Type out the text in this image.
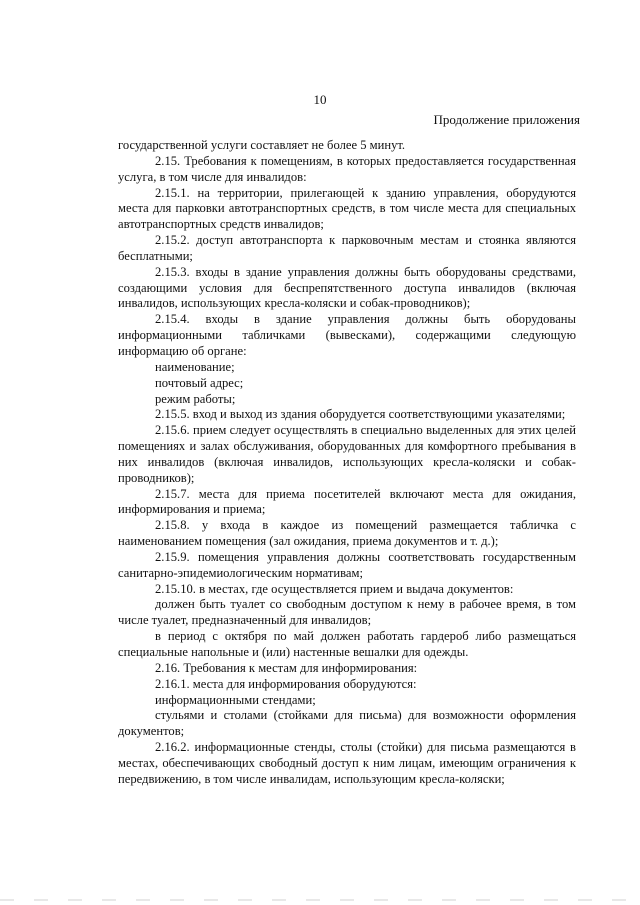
10
Продолжение приложения

государственной услуги составляет не более 5 минут.

2.15. Требования к помещениям, в которых предоставляется государственная услуга, в том числе для инвалидов:

2.15.1. на территории, прилегающей к зданию управления, оборудуются места для парковки автотранспортных средств, в том числе места для специальных автотранспортных средств инвалидов;

2.15.2. доступ автотранспорта к парковочным местам и стоянка являются бесплатными;

2.15.3. входы в здание управления должны быть оборудованы средствами, создающими условия для беспрепятственного доступа инвалидов (включая инвалидов, использующих кресла-коляски и собак-проводников);

2.15.4. входы в здание управления должны быть оборудованы информационными табличками (вывесками), содержащими следующую информацию об органе:

наименование;

почтовый адрес;

режим работы;

2.15.5. вход и выход из здания оборудуется соответствующими указателями;

2.15.6. прием следует осуществлять в специально выделенных для этих целей помещениях и залах обслуживания, оборудованных для комфортного пребывания в них инвалидов (включая инвалидов, использующих кресла-коляски и собак-проводников);

2.15.7. места для приема посетителей включают места для ожидания, информирования и приема;

2.15.8. у входа в каждое из помещений размещается табличка с наименованием помещения (зал ожидания, приема документов и т. д.);

2.15.9. помещения управления должны соответствовать государственным санитарно-эпидемиологическим нормативам;

2.15.10. в местах, где осуществляется прием и выдача документов:

должен быть туалет со свободным доступом к нему в рабочее время, в том числе туалет, предназначенный для инвалидов;

в период с октября по май должен работать гардероб либо размещаться специальные напольные и (или) настенные вешалки для одежды.

2.16. Требования к местам для информирования:

2.16.1. места для информирования оборудуются:

информационными стендами;

стульями и столами (стойками для письма) для возможности оформления документов;

2.16.2. информационные стенды, столы (стойки) для письма размещаются в местах, обеспечивающих свободный доступ к ним лицам, имеющим ограничения к передвижению, в том числе инвалидам, использующим кресла-коляски;
